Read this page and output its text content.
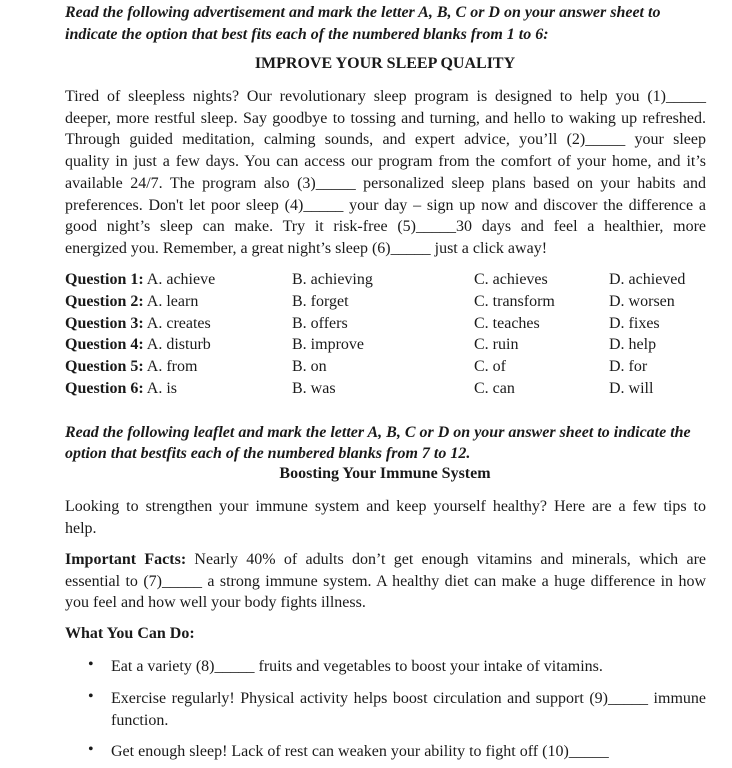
Read the following advertisement and mark the letter A, B, C or D on your answer sheet to
indicate the option that best fits each of the numbered blanks from 1 to 6:
IMPROVE YOUR SLEEP QUALITY
Tired of sleepless nights? Our revolutionary sleep program is designed to help you (1)_____
deeper, more restful sleep. Say goodbye to tossing and turning, and hello to waking up refreshed.
Through guided meditation, calming sounds, and expert advice, you’ll (2)_____ your sleep
quality in just a few days. You can access our program from the comfort of your home, and it’s
available 24/7. The program also (3)_____ personalized sleep plans based on your habits and
preferences. Don't let poor sleep (4)_____ your day – sign up now and discover the difference a
good night’s sleep can make. Try it risk-free (5)_____30 days and feel a healthier, more
energized you. Remember, a great night’s sleep (6)_____ just a click away!
Question 1: A. achieve	B. achieving	C. achieves	D. achieved
Question 2: A. learn	B. forget	C. transform	D. worsen
Question 3: A. creates	B. offers	C. teaches	D. fixes
Question 4: A. disturb	B. improve	C. ruin	D. help
Question 5: A. from	B. on	C. of	D. for
Question 6: A. is	B. was	C. can	D. will
Read the following leaflet and mark the letter A, B, C or D on your answer sheet to indicate the
option that bestfits each of the numbered blanks from 7 to 12.
Boosting Your Immune System
Looking to strengthen your immune system and keep yourself healthy? Here are a few tips to
help.
Important Facts: Nearly 40% of adults don’t get enough vitamins and minerals, which are
essential to (7)_____ a strong immune system. A healthy diet can make a huge difference in how
you feel and how well your body fights illness.
What You Can Do:
• Eat a variety (8)_____ fruits and vegetables to boost your intake of vitamins.
• Exercise regularly! Physical activity helps boost circulation and support (9)_____ immune
function.
• Get enough sleep! Lack of rest can weaken your ability to fight off (10)_____
